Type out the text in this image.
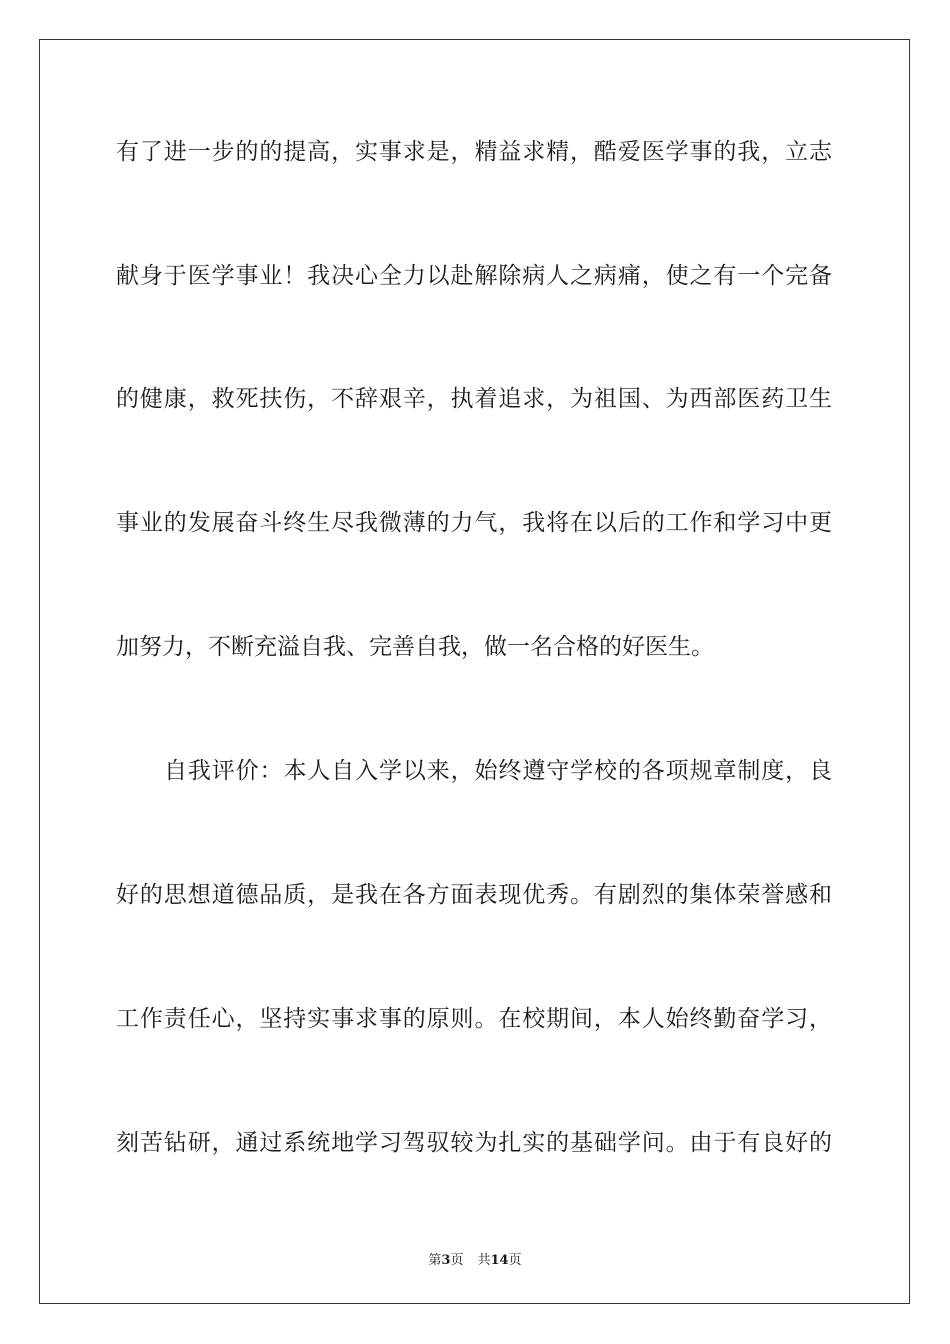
有了进一步的的提高，实事求是，精益求精，酷爱医学事的我，立志

献身于医学事业！我决心全力以赴解除病人之病痛，使之有一个完备

的健康，救死扶伤，不辞艰辛，执着追求，为祖国、为西部医药卫生

事业的发展奋斗终生尽我微薄的力气，我将在以后的工作和学习中更

加努力，不断充溢自我、完善自我，做一名合格的好医生。

自我评价：本人自入学以来，始终遵守学校的各项规章制度，良

好的思想道德品质，是我在各方面表现优秀。有剧烈的集体荣誉感和

工作责任心，坚持实事求事的原则。在校期间，本人始终勤奋学习，

刻苦钻研，通过系统地学习驾驭较为扎实的基础学问。由于有良好的

第3页 共14页
